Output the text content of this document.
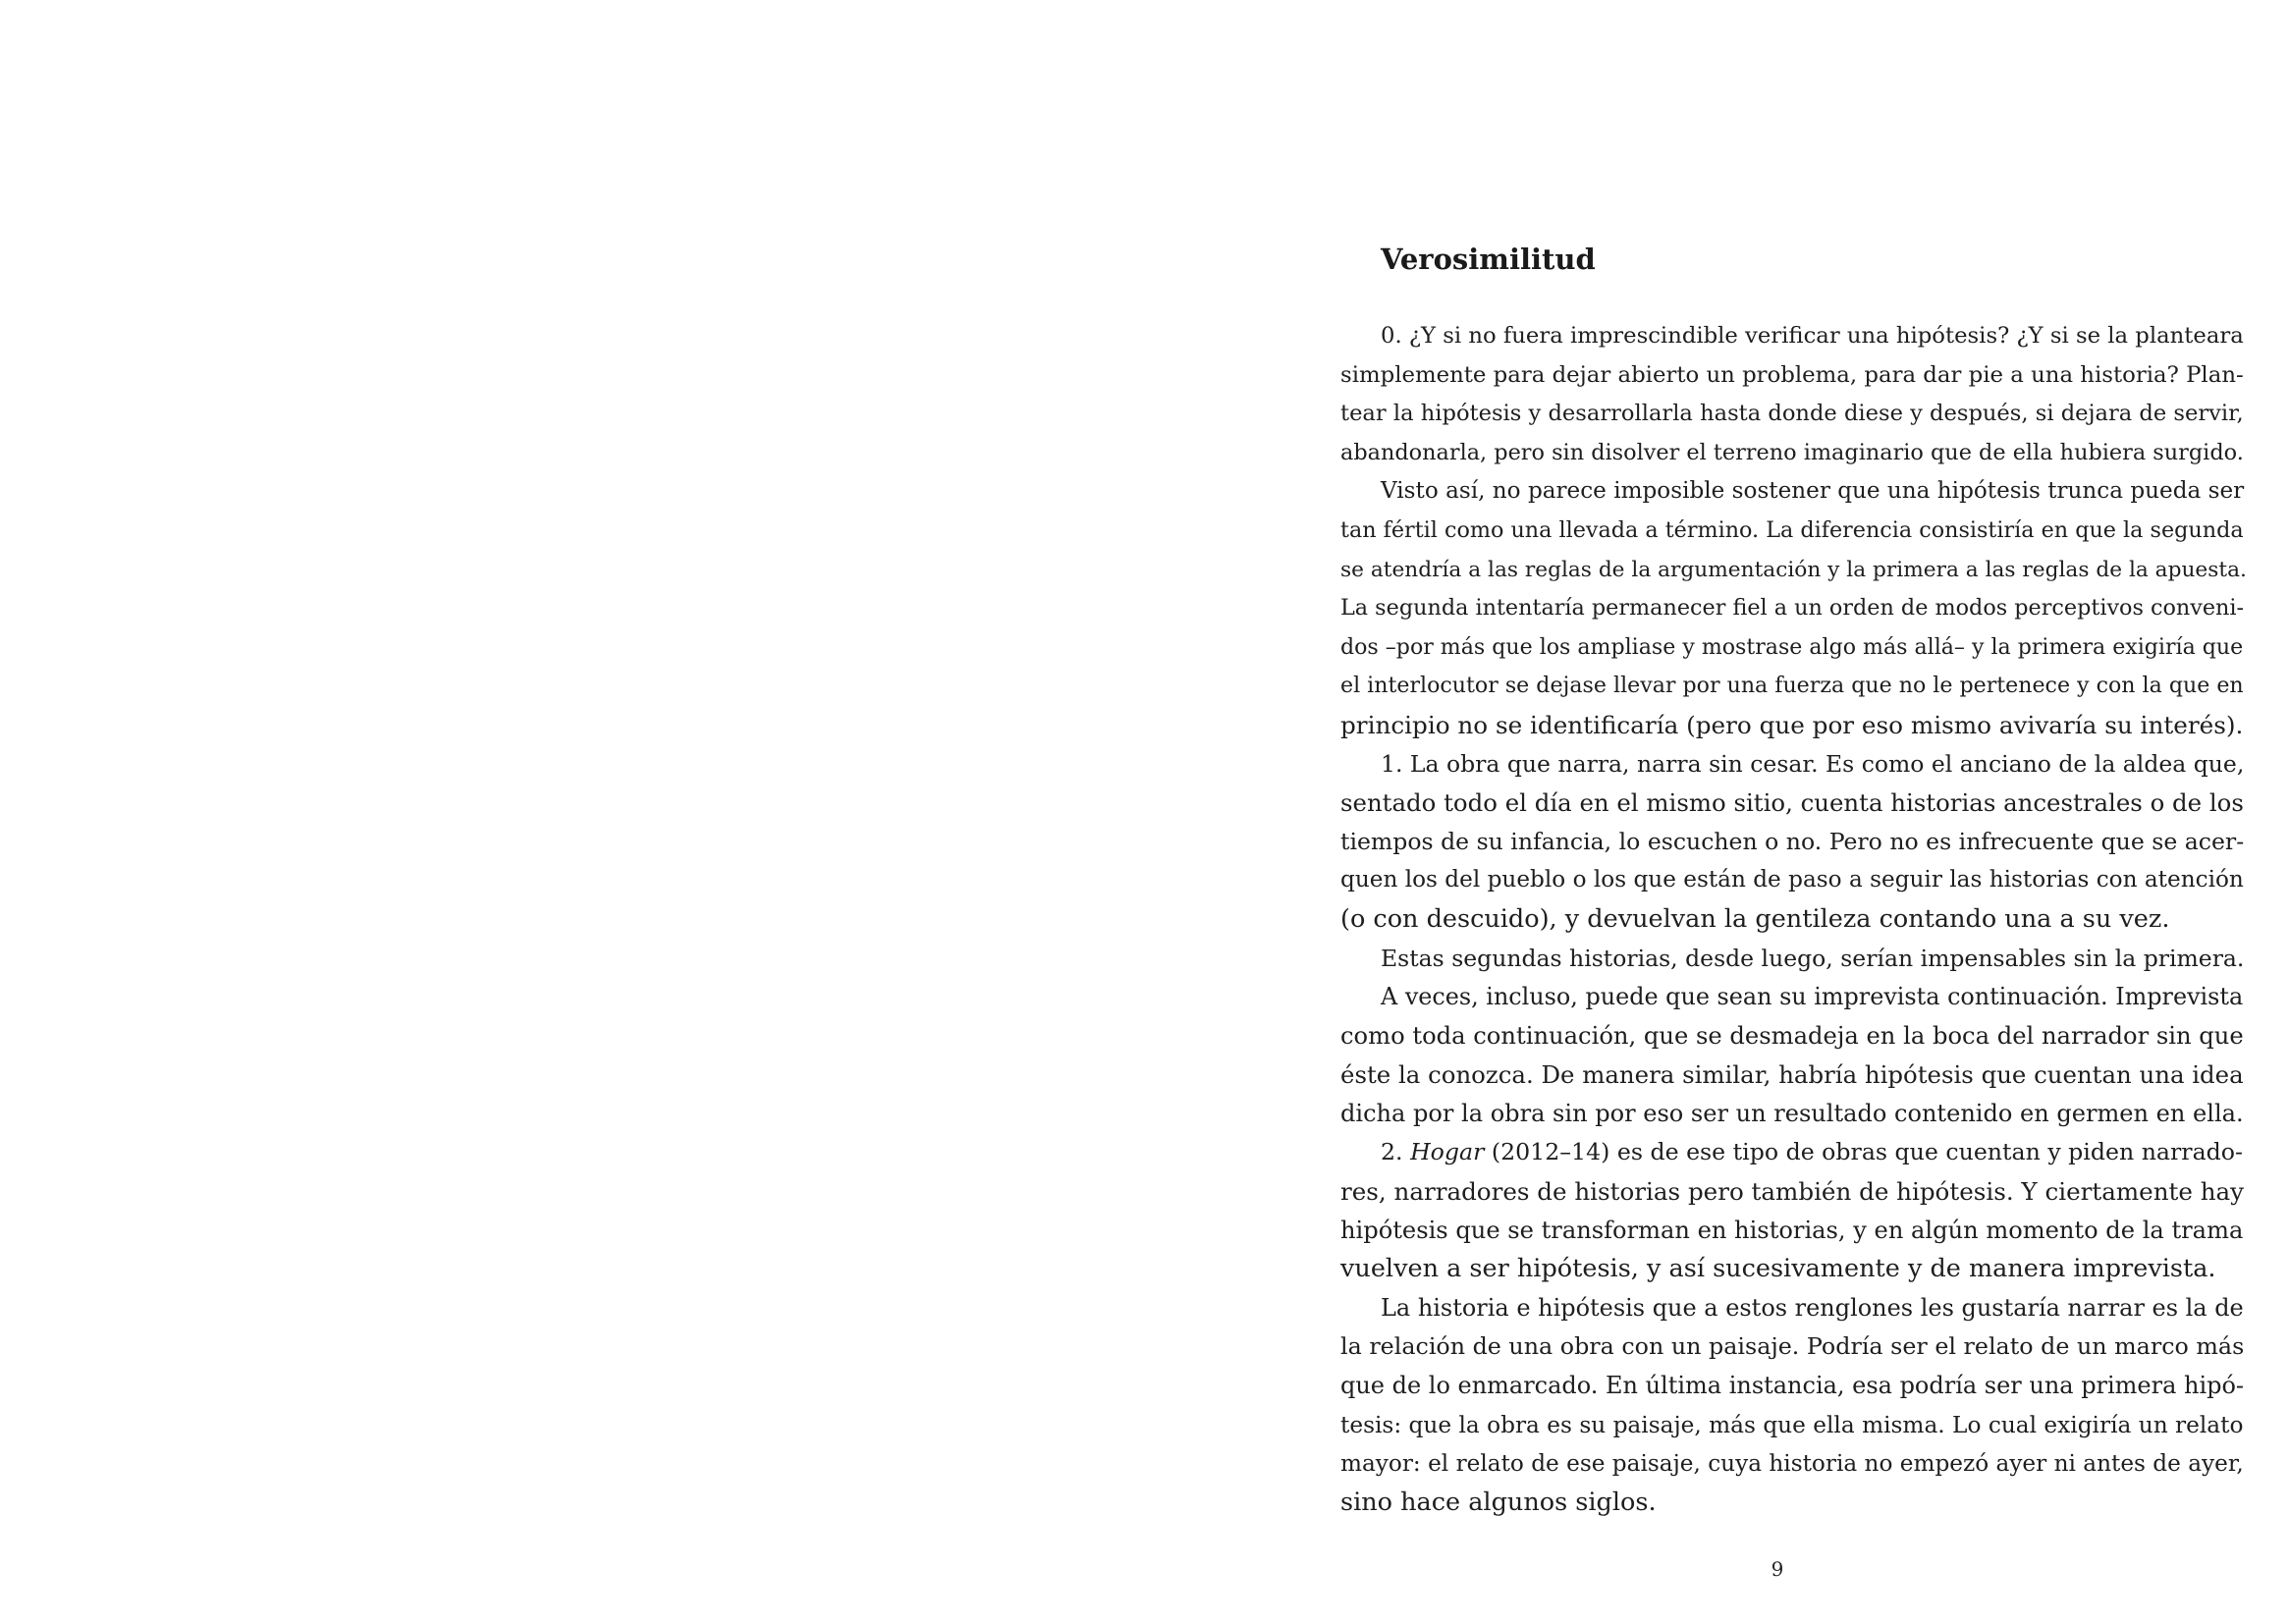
Verosimilitud
0. ¿Y si no fuera imprescindible verificar una hipótesis? ¿Y si se la planteara
simplemente para dejar abierto un problema, para dar pie a una historia? Plan-
tear la hipótesis y desarrollarla hasta donde diese y después, si dejara de servir,
abandonarla, pero sin disolver el terreno imaginario que de ella hubiera surgido.
Visto así, no parece imposible sostener que una hipótesis trunca pueda ser
tan fértil como una llevada a término. La diferencia consistiría en que la segunda
se atendría a las reglas de la argumentación y la primera a las reglas de la apuesta.
La segunda intentaría permanecer fiel a un orden de modos perceptivos conveni-
dos –por más que los ampliase y mostrase algo más allá– y la primera exigiría que
el interlocutor se dejase llevar por una fuerza que no le pertenece y con la que en
principio no se identificaría (pero que por eso mismo avivaría su interés).
1. La obra que narra, narra sin cesar. Es como el anciano de la aldea que,
sentado todo el día en el mismo sitio, cuenta historias ancestrales o de los
tiempos de su infancia, lo escuchen o no. Pero no es infrecuente que se acer-
quen los del pueblo o los que están de paso a seguir las historias con atención
(o con descuido), y devuelvan la gentileza contando una a su vez.
Estas segundas historias, desde luego, serían impensables sin la primera.
A veces, incluso, puede que sean su imprevista continuación. Imprevista
como toda continuación, que se desmadeja en la boca del narrador sin que
éste la conozca. De manera similar, habría hipótesis que cuentan una idea
dicha por la obra sin por eso ser un resultado contenido en germen en ella.
2. Hogar (2012–14) es de ese tipo de obras que cuentan y piden narrado-
res, narradores de historias pero también de hipótesis. Y ciertamente hay
hipótesis que se transforman en historias, y en algún momento de la trama
vuelven a ser hipótesis, y así sucesivamente y de manera imprevista.
La historia e hipótesis que a estos renglones les gustaría narrar es la de
la relación de una obra con un paisaje. Podría ser el relato de un marco más
que de lo enmarcado. En última instancia, esa podría ser una primera hipó-
tesis: que la obra es su paisaje, más que ella misma. Lo cual exigiría un relato
mayor: el relato de ese paisaje, cuya historia no empezó ayer ni antes de ayer,
sino hace algunos siglos.
9
